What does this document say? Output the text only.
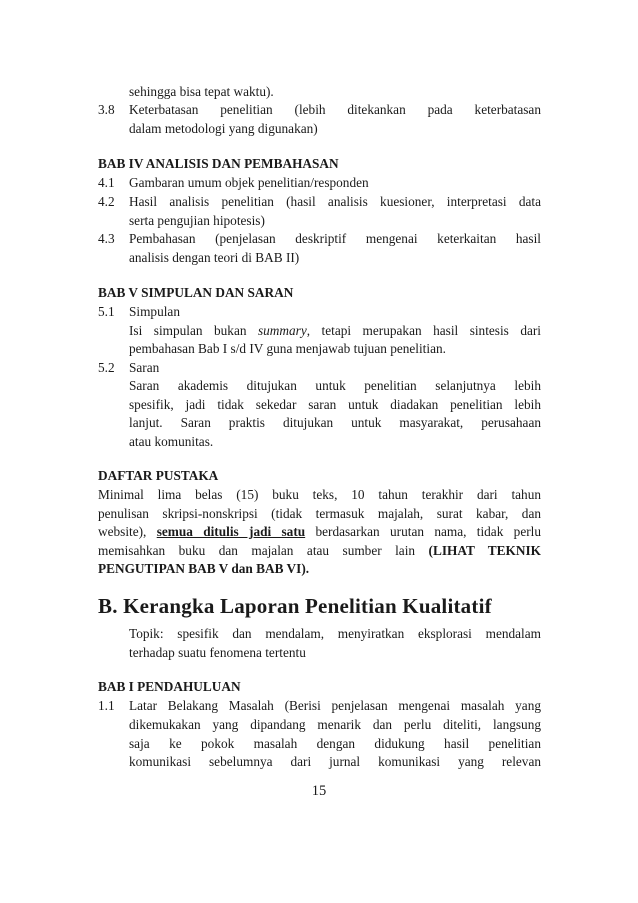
sehingga bisa tepat waktu).
3.8 Keterbatasan penelitian (lebih ditekankan pada keterbatasan
dalam metodologi yang digunakan)
BAB IV ANALISIS DAN PEMBAHASAN
4.1 Gambaran umum objek penelitian/responden
4.2 Hasil analisis penelitian (hasil analisis kuesioner, interpretasi data
serta pengujian hipotesis)
4.3 Pembahasan (penjelasan deskriptif mengenai keterkaitan hasil
analisis dengan teori di BAB II)
BAB V SIMPULAN DAN SARAN
5.1 Simpulan
Isi simpulan bukan summary, tetapi merupakan hasil sintesis dari
pembahasan Bab I s/d IV guna menjawab tujuan penelitian.
5.2 Saran
Saran akademis ditujukan untuk penelitian selanjutnya lebih
spesifik, jadi tidak sekedar saran untuk diadakan penelitian lebih
lanjut. Saran praktis ditujukan untuk masyarakat, perusahaan
atau komunitas.
DAFTAR PUSTAKA
Minimal lima belas (15) buku teks, 10 tahun terakhir dari tahun
penulisan skripsi-nonskripsi (tidak termasuk majalah, surat kabar, dan
website), semua ditulis jadi satu berdasarkan urutan nama, tidak perlu
memisahkan buku dan majalan atau sumber lain (LIHAT TEKNIK
PENGUTIPAN BAB V dan BAB VI).
B. Kerangka Laporan Penelitian Kualitatif
Topik: spesifik dan mendalam, menyiratkan eksplorasi mendalam
terhadap suatu fenomena tertentu
BAB I PENDAHULUAN
1.1 Latar Belakang Masalah (Berisi penjelasan mengenai masalah yang
dikemukakan yang dipandang menarik dan perlu diteliti, langsung
saja ke pokok masalah dengan didukung hasil penelitian
komunikasi sebelumnya dari jurnal komunikasi yang relevan
15
